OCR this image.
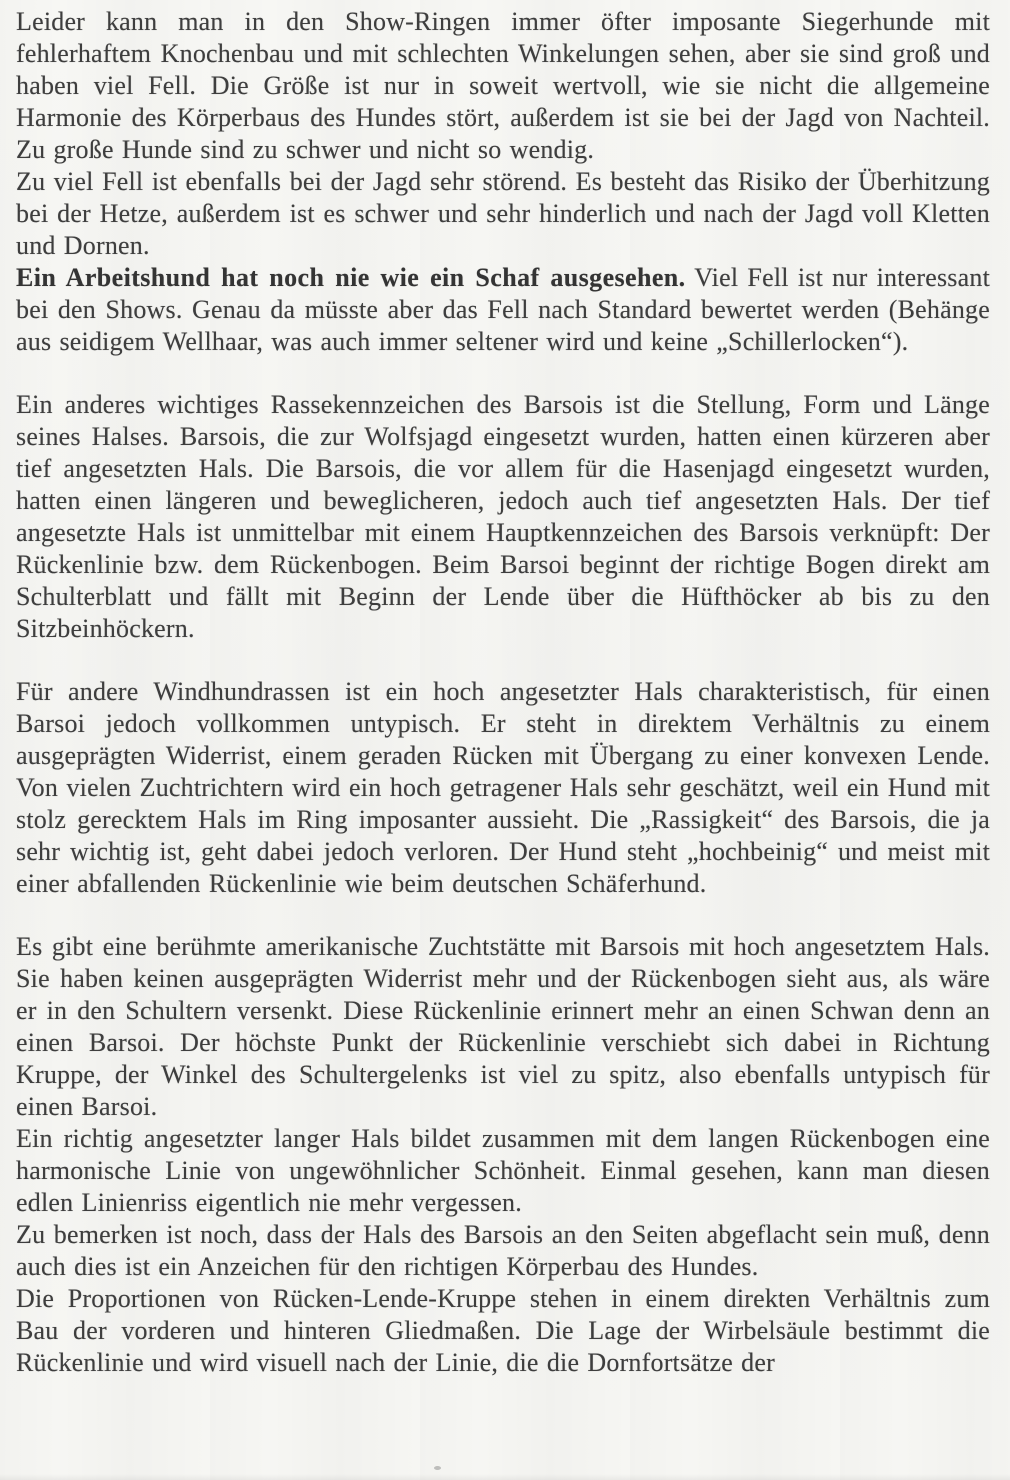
Leider kann man in den Show-Ringen immer öfter imposante Siegerhunde mit fehlerhaftem Knochenbau und mit schlechten Winkelungen sehen, aber sie sind groß und haben viel Fell. Die Größe ist nur in soweit wertvoll, wie sie nicht die allgemeine Harmonie des Körperbaus des Hundes stört, außerdem ist sie bei der Jagd von Nachteil. Zu große Hunde sind zu schwer und nicht so wendig.

Zu viel Fell ist ebenfalls bei der Jagd sehr störend. Es besteht das Risiko der Überhitzung bei der Hetze, außerdem ist es schwer und sehr hinderlich und nach der Jagd voll Kletten und Dornen.

Ein Arbeitshund hat noch nie wie ein Schaf ausgesehen. Viel Fell ist nur interessant bei den Shows. Genau da müsste aber das Fell nach Standard bewertet werden (Behänge aus seidigem Wellhaar, was auch immer seltener wird und keine „Schillerlocken“).

Ein anderes wichtiges Rassekennzeichen des Barsois ist die Stellung, Form und Länge seines Halses. Barsois, die zur Wolfsjagd eingesetzt wurden, hatten einen kürzeren aber tief angesetzten Hals. Die Barsois, die vor allem für die Hasenjagd eingesetzt wurden, hatten einen längeren und beweglicheren, jedoch auch tief angesetzten Hals. Der tief angesetzte Hals ist unmittelbar mit einem Hauptkennzeichen des Barsois verknüpft: Der Rückenlinie bzw. dem Rückenbogen. Beim Barsoi beginnt der richtige Bogen direkt am Schulterblatt und fällt mit Beginn der Lende über die Hüfthöcker ab bis zu den Sitzbeinhöckern.

Für andere Windhundrassen ist ein hoch angesetzter Hals charakteristisch, für einen Barsoi jedoch vollkommen untypisch. Er steht in direktem Verhältnis zu einem ausgeprägten Widerrist, einem geraden Rücken mit Übergang zu einer konvexen Lende. Von vielen Zuchtrichtern wird ein hoch getragener Hals sehr geschätzt, weil ein Hund mit stolz gerecktem Hals im Ring imposanter aussieht. Die „Rassigkeit“ des Barsois, die ja sehr wichtig ist, geht dabei jedoch verloren. Der Hund steht „hochbeinig“ und meist mit einer abfallenden Rückenlinie wie beim deutschen Schäferhund.

Es gibt eine berühmte amerikanische Zuchtstätte mit Barsois mit hoch angesetztem Hals. Sie haben keinen ausgeprägten Widerrist mehr und der Rückenbogen sieht aus, als wäre er in den Schultern versenkt. Diese Rückenlinie erinnert mehr an einen Schwan denn an einen Barsoi. Der höchste Punkt der Rückenlinie verschiebt sich dabei in Richtung Kruppe, der Winkel des Schultergelenks ist viel zu spitz, also ebenfalls untypisch für einen Barsoi.

Ein richtig angesetzter langer Hals bildet zusammen mit dem langen Rückenbogen eine harmonische Linie von ungewöhnlicher Schönheit. Einmal gesehen, kann man diesen edlen Linienriss eigentlich nie mehr vergessen.

Zu bemerken ist noch, dass der Hals des Barsois an den Seiten abgeflacht sein muß, denn auch dies ist ein Anzeichen für den richtigen Körperbau des Hundes.

Die Proportionen von Rücken-Lende-Kruppe stehen in einem direkten Verhältnis zum Bau der vorderen und hinteren Gliedmaßen. Die Lage der Wirbelsäule bestimmt die Rückenlinie und wird visuell nach der Linie, die die Dornfortsätze der
